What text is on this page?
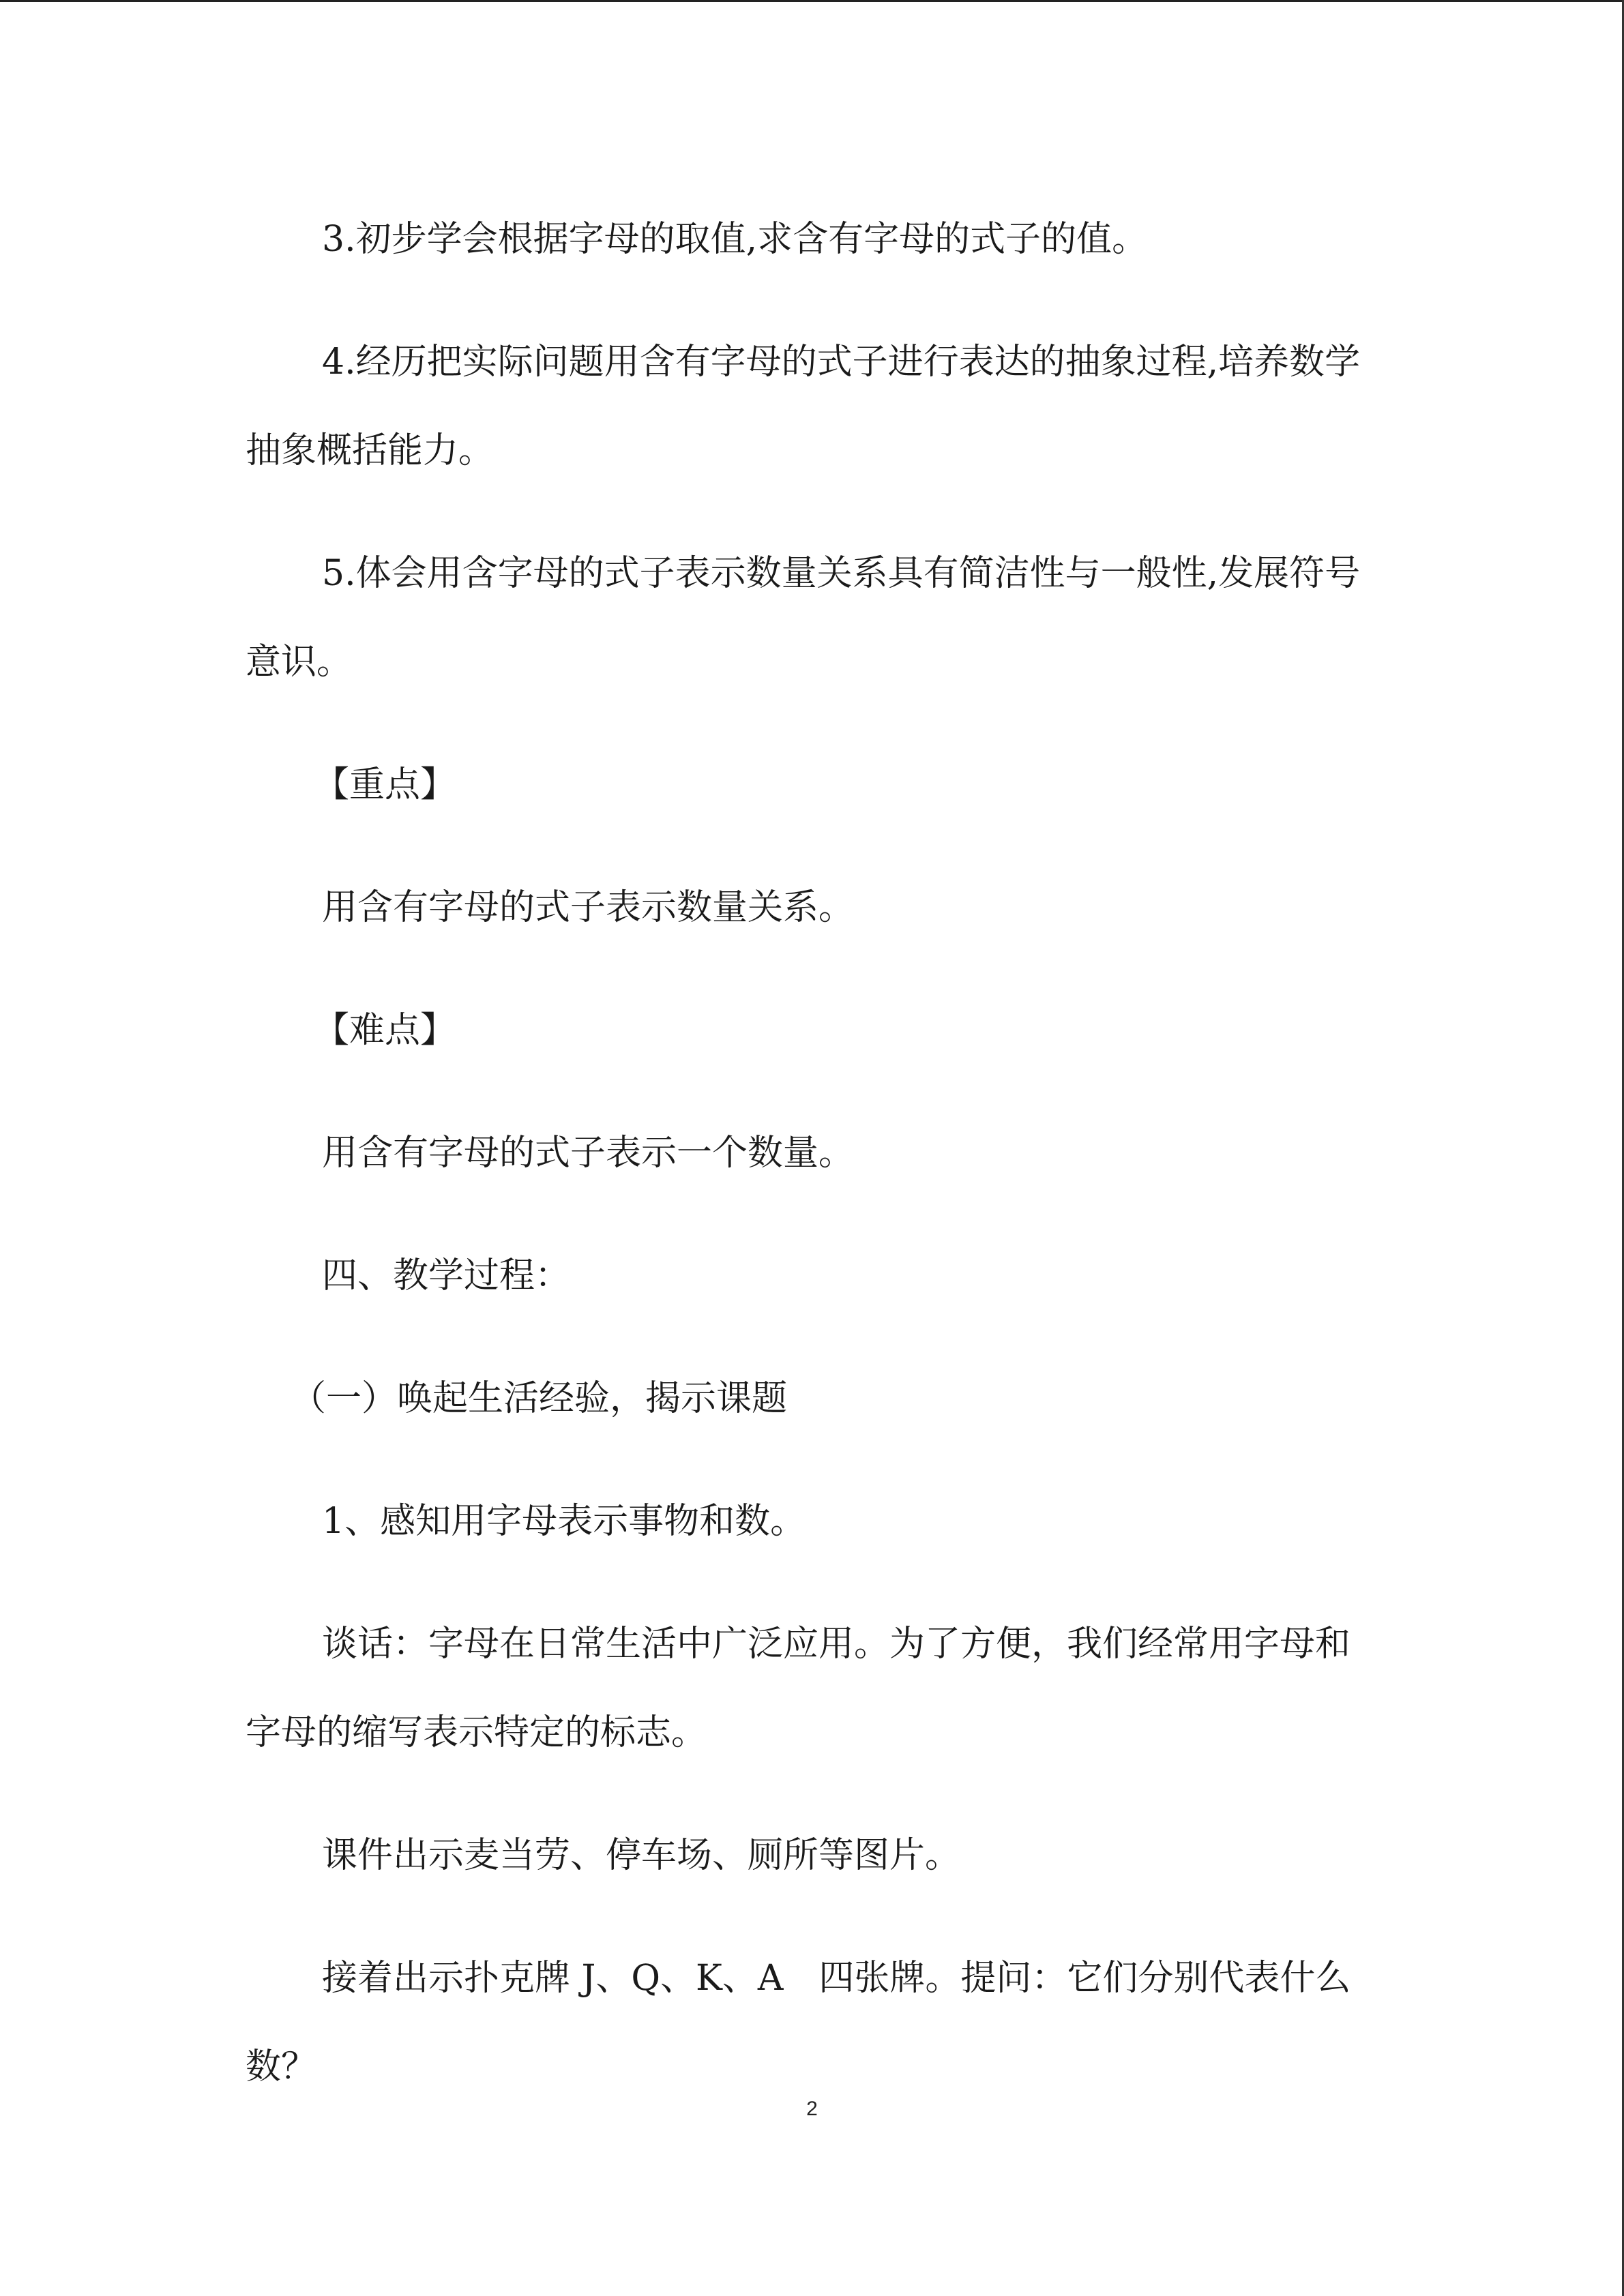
3.初步学会根据字母的取值,求含有字母的式子的值。

4.经历把实际问题用含有字母的式子进行表达的抽象过程,培养数学抽象概括能力。

5.体会用含字母的式子表示数量关系具有简洁性与一般性,发展符号意识。

【重点】

用含有字母的式子表示数量关系。

【难点】

用含有字母的式子表示一个数量。

四、教学过程：

（一）唤起生活经验，揭示课题

1、感知用字母表示事物和数。

谈话：字母在日常生活中广泛应用。为了方便，我们经常用字母和字母的缩写表示特定的标志。

课件出示麦当劳、停车场、厕所等图片。

接着出示扑克牌 J、Q、K、A　四张牌。提问：它们分别代表什么数？

2
